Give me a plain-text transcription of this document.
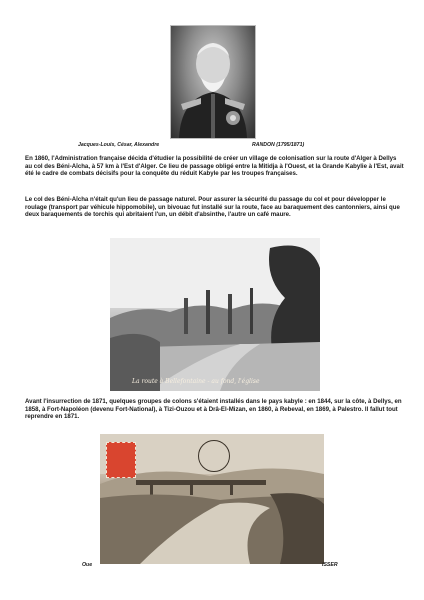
Jacques-Louis, César, Alexandre	RANDON (1795/1871)
En 1860, l'Administration française décida d'étudier la possibilité de créer un village de colonisation sur la route d'Alger à Dellys au col des Béni-Aïcha, à 57 km à l'Est d'Alger. Ce lieu de passage obligé entre la Mitidja à l'Ouest, et la Grande Kabylie à l'Est, avait été le cadre de combats décisifs pour la conquête du réduit Kabyle par les troupes françaises.
Le col des Béni-Aïcha n'était qu'un lieu de passage naturel. Pour assurer la sécurité du passage du col et pour développer le roulage (transport par véhicule hippomobile), un bivouac fut installé sur la route, face au baraquement des cantonniers, ainsi que deux baraquements de torchis qui abritaient l'un, un débit d'absinthe, l'autre un café maure.
La route à Bellefontaine - au fond, l'église
Avant l'insurrection de 1871, quelques groupes de colons s'étaient installés dans le pays kabyle : en 1844, sur la côte, à Dellys, en 1858, à Fort-Napoléon (devenu Fort-National), à Tizi-Ouzou et à Drâ-El-Mizan, en 1860, à Rebeval, en 1869, à Palestro. Il fallut tout reprendre en 1871.
Oue	ISSER
